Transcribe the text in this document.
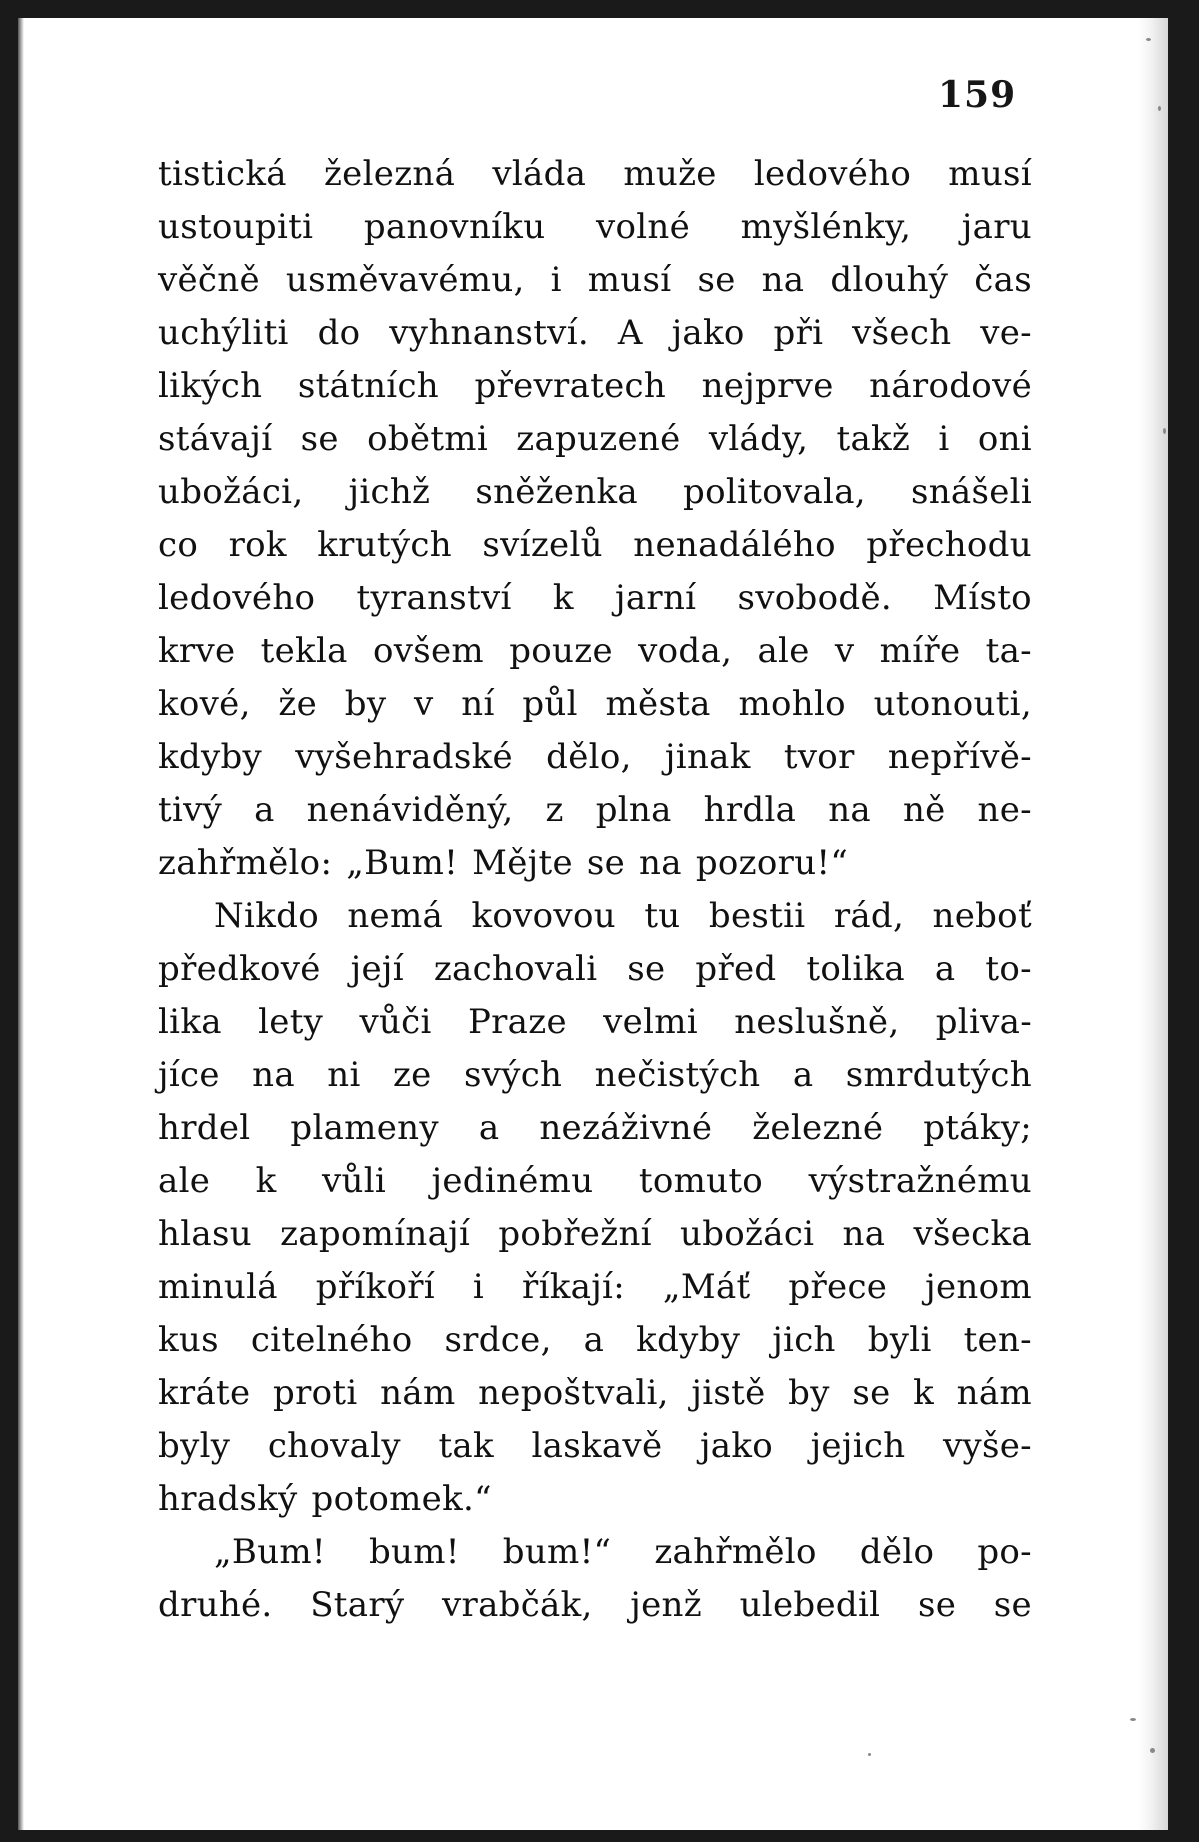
159
tistická železná vláda muže ledového musí
ustoupiti panovníku volné myšlénky, jaru
věčně usměvavému, i musí se na dlouhý čas
uchýliti do vyhnanství. A jako při všech ve-
likých státních převratech nejprve národové
stávají se obětmi zapuzené vlády, takž i oni
ubožáci, jichž sněženka politovala, snášeli
co rok krutých svízelů nenadálého přechodu
ledového tyranství k jarní svobodě. Místo
krve tekla ovšem pouze voda, ale v míře ta-
kové, že by v ní půl města mohlo utonouti,
kdyby vyšehradské dělo, jinak tvor nepřívě-
tivý a nenáviděný, z plna hrdla na ně ne-
zahřmělo: „Bum! Mějte se na pozoru!“
Nikdo nemá kovovou tu bestii rád, neboť
předkové její zachovali se před tolika a to-
lika lety vůči Praze velmi neslušně, pliva-
jíce na ni ze svých nečistých a smrdutých
hrdel plameny a nezáživné železné ptáky;
ale k vůli jedinému tomuto výstražnému
hlasu zapomínají pobřežní ubožáci na všecka
minulá příkoří i říkají: „Máť přece jenom
kus citelného srdce, a kdyby jich byli ten-
kráte proti nám nepoštvali, jistě by se k nám
byly chovaly tak laskavě jako jejich vyše-
hradský potomek.“
„Bum! bum! bum!“ zahřmělo dělo po-
druhé. Starý vrabčák, jenž ulebedil se se
